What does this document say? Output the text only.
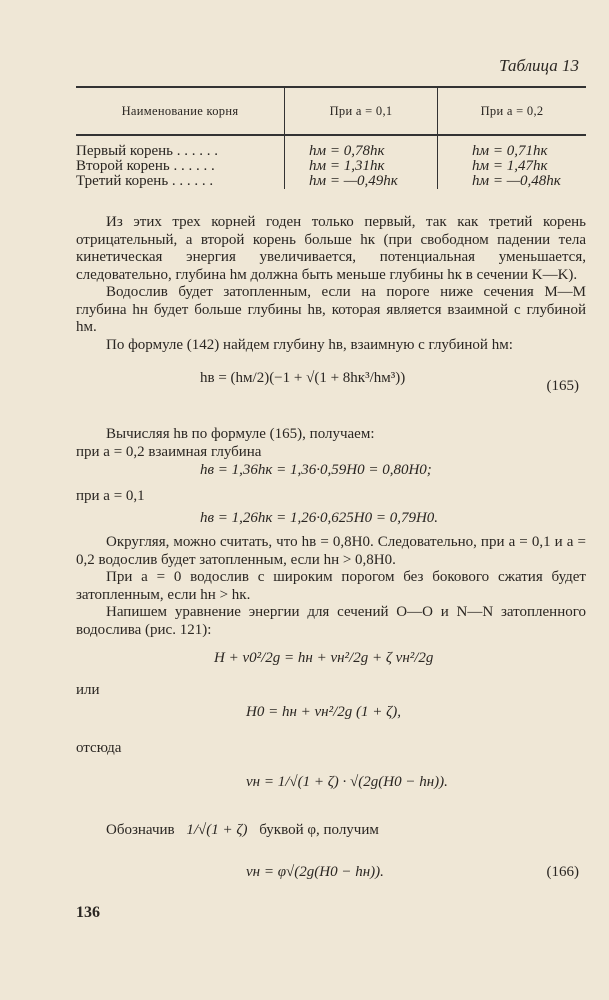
Таблица 13
Наименование корня	При a = 0,1	При a = 0,2
Первый корень . . . . . .	hм = 0,78hк	hм = 0,71hк
Второй корень . . . . . .	hм = 1,31hк	hм = 1,47hк
Третий корень . . . . . .	hм = —0,49hк	hм = —0,48hк

Из этих трех корней годен только первый, так как третий корень отрицательный, а второй корень больше hк (при свободном падении тела кинетическая энергия увеличивается, потенциальная уменьшается, следовательно, глубина hм должна быть меньше глубины hк в сечении K—K).

Водослив будет затопленным, если на пороге ниже сечения M—M глубина hн будет больше глубины hв, которая является взаимной с глубиной hм.

По формуле (142) найдем глубину hв, взаимную с глубиной hм:

hв = (hм/2)(−1 + √(1 + 8hк³/hм³))	(165)

Вычисляя hв по формуле (165), получаем:

при a = 0,2 взаимная глубина

hв = 1,36hк = 1,36·0,59H0 = 0,80H0;

при a = 0,1

hв = 1,26hк = 1,26·0,625H0 = 0,79H0.

Округляя, можно считать, что hв = 0,8H0. Следовательно, при a = 0,1 и a = 0,2 водослив будет затопленным, если hн > 0,8H0.

При a = 0 водослив с широким порогом без бокового сжатия будет затопленным, если hн > hк.

Напишем уравнение энергии для сечений O—O и N—N затопленного водослива (рис. 121):

H + v0²/2g = hн + vн²/2g + ζ vн²/2g

или

H0 = hн + vн²/2g (1 + ζ),

отсюда

vн = 1/√(1 + ζ) · √(2g(H0 − hн)).
Обозначив 1/√(1 + ζ) буквой φ, получим
vн = φ√(2g(H0 − hн)).	(166)
136
